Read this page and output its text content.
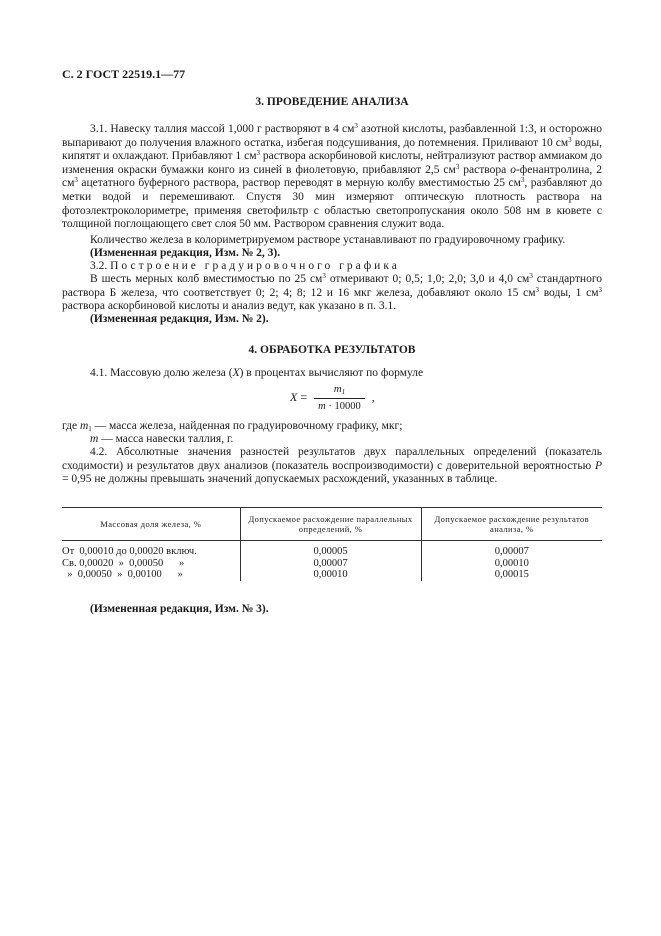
С. 2 ГОСТ 22519.1—77
3. ПРОВЕДЕНИЕ АНАЛИЗА
3.1. Навеску таллия массой 1,000 г растворяют в 4 $см^3$ азотной кислоты, разбавленной 1:3, и осторожно выпаривают до получения влажного остатка, избегая подсушивания, до потемнения. Приливают 10 $см^3$ воды, кипятят и охлаждают. Прибавляют 1 $см^3$ раствора аскорбиновой кислоты, нейтрализуют раствор аммиаком до изменения окраски бумажки конго из синей в фиолетовую, прибавляют 2,5 $см^3$ раствора о-фенантролина, 2 $см^3$ ацетатного буферного раствора, раствор переводят в мерную колбу вместимостью 25 $см^3$, разбавляют до метки водой и перемешивают. Спустя 30 мин измеряют оптическую плотность раствора на фотоэлектроколориметре, применяя светофильтр с областью светопропускания около 508 нм в кювете с толщиной поглощающего свет слоя 50 мм. Раствором сравнения служит вода.
Количество железа в колориметрируемом растворе устанавливают по градуировочному графику.
(Измененная редакция, Изм. № 2, 3).
3.2. Построение градуировочного графика
В шесть мерных колб вместимостью по 25 $см^3$ отмеривают 0; 0,5; 1,0; 2,0; 3,0 и 4,0 $см^3$ стандартного раствора Б железа, что соответствует 0; 2; 4; 8; 12 и 16 мкг железа, добавляют около 15 $см^3$ воды, 1 $см^3$ раствора аскорбиновой кислоты и анализ ведут, как указано в п. 3.1.
(Измененная редакция, Изм. № 2).
4. ОБРАБОТКА РЕЗУЛЬТАТОВ
4.1. Массовую долю железа (X) в процентах вычисляют по формуле
$X = \frac{m_1}{m \cdot 10000}$ ,
где $m_1$ — масса железа, найденная по градуировочному графику, мкг;
m — масса навески таллия, г.
4.2. Абсолютные значения разностей результатов двух параллельных определений (показатель сходимости) и результатов двух анализов (показатель воспроизводимости) с доверительной вероятностью P = 0,95 не должны превышать значений допускаемых расхождений, указанных в таблице.
Массовая доля железа, %	Допускаемое расхождение параллельных определений, %	Допускаемое расхождение результатов анализа, %
От  0,00010 до 0,00020 включ.	0,00005	0,00007
Св. 0,00020  »  0,00050      »	0,00007	0,00010
»  0,00050  »  0,00100      »	0,00010	0,00015
(Измененная редакция, Изм. № 3).
